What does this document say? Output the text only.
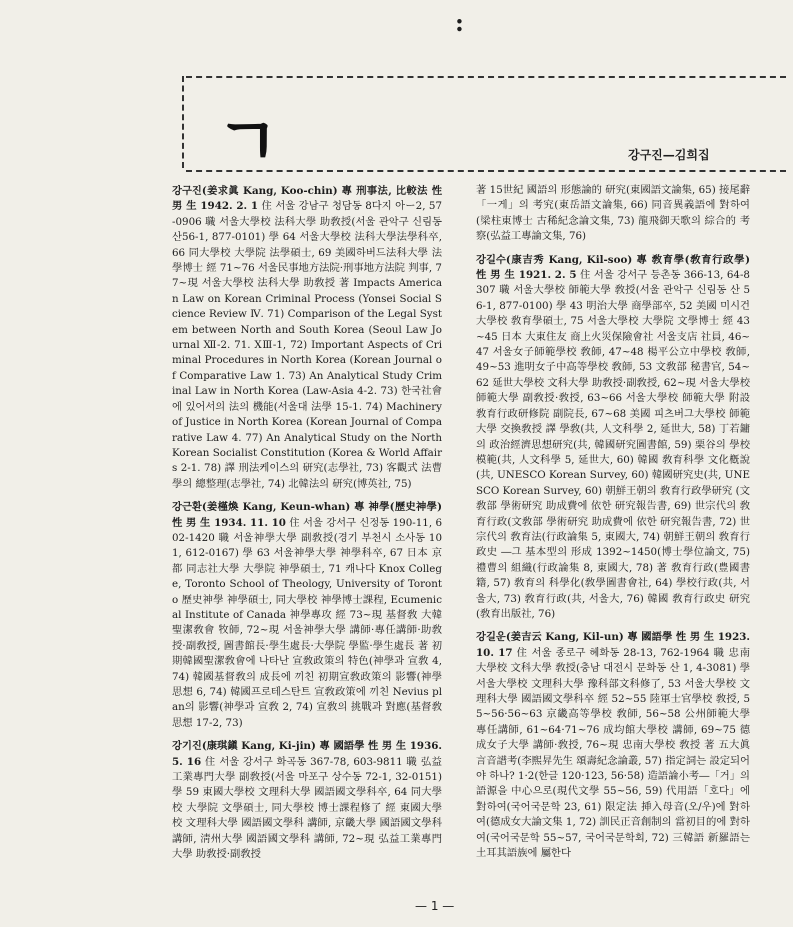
:
ㄱ	강구진—김희집
강구진(姜求眞 Kang, Koo-chin) 專 刑事法, 比較法 性 男 生 1942. 2. 1 住 서울 강남구 청담동 8다지 아ー2, 57-0906 職 서울大學校 法科大學 助敎授(서울 관악구 신림동 산56-1, 877-0101) 學 64 서울大學校 法科大學法學科卒, 66 同大學校 大學院 法學碩士, 69 美國하버드法科大學 法學博士 經 71~76 서울民事地方法院·刑事地方法院 判事, 77~現 서울大學校 法科大學 助敎授 著 Impacts American Law on Korean Criminal Process (Yonsei Social Science Review Ⅳ. 71) Comparison of the Legal System between North and South Korea (Seoul Law Journal Ⅻ-2. 71. ⅩⅢ-1, 72) Important Aspects of Criminal Procedures in North Korea (Korean Journal of Comparative Law 1. 73) An Analytical Study Criminal Law in North Korea (Law-Asia 4-2. 73) 한국社會에 있어서의 法의 機能(서울대 法學 15-1. 74) Machinery of Justice in North Korea (Korean Journal of Comparative Law 4. 77) An Analytical Study on the North Korean Socialist Constitution (Korea & World Affairs 2-1. 78) 譯 刑法케이스의 研究(志學社, 73) 客觀式 法曹學의 總整理(志學社, 74) 北韓法의 研究(博英社, 75)
강근환(姜槿煥 Kang, Keun-whan) 專 神學(歷史神學) 性 男 生 1934. 11. 10 住 서울 강서구 신정동 190-11, 602-1420 職 서울神學大學 副敎授(경기 부천시 소사동 101, 612-0167) 學 63 서울神學大學 神學科卒, 67 日本 京都 同志社大學 大學院 神學碩士, 71 캐나다 Knox College, Toronto School of Theology, University of Toronto 歷史神學 神學碩士, 同大學校 神學博士課程, Ecumenical Institute of Canada 神學專攻 經 73~現 基督敎 大韓聖潔敎會 牧師, 72~現 서울神學大學 講師·專任講師·助敎授·副敎授, 圖書館長·學生處長·大學院 學監·學生處長 著 初期韓國聖潔敎會에 나타난 宣敎政策의 特色(神學과 宣敎 4, 74) 韓國基督敎의 成長에 끼친 初期宣敎政策의 影響(神學思想 6, 74) 韓國프로테스탄트 宣敎政策에 끼친 Nevius plan의 影響(神學과 宣敎 2, 74) 宣敎의 挑戰과 對應(基督敎思想 17-2, 73)
강기진(康琪鎭 Kang, Ki-jin) 專 國語學 性 男 生 1936. 5. 16 住 서울 강서구 화곡동 367-78, 603-9811 職 弘益工業專門大學 副敎授(서울 마포구 상수동 72-1, 32-0151) 學 59 東國大學校 文理科大學 國語國文學科卒, 64 同大學校 大學院 文學碩士, 同大學校 博士課程修了 經 東國大學校 文理科大學 國語國文學科 講師, 京畿大學 國語國文學科 講師, 淸州大學 國語國文學科 講師, 72~現 弘益工業專門大學 助敎授·副敎授
著 15世紀 國語의 形態論的 研究(東國語文論集, 65) 接尾辭 「一게」의 考究(東岳語文論集, 66) 同音異義語에 對하여(梁柱東博士 古稀紀念論文集, 73) 龍飛御天歌의 綜合的 考察(弘益工專論文集, 76)
강길수(康吉秀 Kang, Kil-soo) 專 敎育學(敎育行政學) 性 男 生 1921. 2. 5 住 서울 강서구 등촌동 366-13, 64-8307 職 서울大學校 師範大學 敎授(서울 관악구 신림동 산 56-1, 877-0100) 學 43 明治大學 商學部卒, 52 美國 미시건大學校 敎育學碩士, 75 서울大學校 大學院 文學博士 經 43~45 日本 大東住友 商上火災保險會社 서울支店 社員, 46~47 서울女子師範學校 敎師, 47~48 楊平公立中學校 敎師, 49~53 進明女子中高等學校 敎師, 53 文敎部 秘書官, 54~62 延世大學校 文科大學 助敎授·副敎授, 62~現 서울大學校 師範大學 副敎授·敎授, 63~66 서울大學校 師範大學 附設 敎育行政研修院 副院長, 67~68 美國 피츠버그大學校 師範大學 交換敎授 譯 學敎(共, 人文科學 2, 延世大, 58) 丁若鏞의 政治經濟思想研究(共, 韓國研究圖書館, 59) 栗谷의 學校模範(共, 人文科學 5, 延世大, 60) 韓國 敎育科學 文化槪說(共, UNESCO Korean Survey, 60) 韓國研究史(共, UNESCO Korean Survey, 60) 朝鮮王朝의 敎育行政學研究 (文敎部 學術研究 助成費에 依한 研究報告書, 69) 世宗代의 敎育行政(文敎部 學術研究 助成費에 依한 研究報告書, 72) 世宗代의 敎育法(行政論集 5, 東國大, 74) 朝鮮王朝의 敎育行政史 ―그 基本型의 形成 1392~1450(博士學位論文, 75) 禮曹의 組織(行政論集 8, 東國大, 78) 著 敎育行政(豊國書籍, 57) 敎育의 科學化(敎學圖書會社, 64) 學校行政(共, 서울大, 73) 敎育行政(共, 서울大, 76) 韓國 敎育行政史 研究(敎育出版社, 76)
강길운(姜吉云 Kang, Kil-un) 專 國語學 性 男 生 1923. 10. 17 住 서울 종로구 혜화동 28-13, 762-1964 職 忠南大學校 文科大學 敎授(충남 대전시 문화동 산 1, 4-3081) 學 서울大學校 文理科大學 豫科部文科修了, 53 서울大學校 文理科大學 國語國文學科卒 經 52~55 陸軍士官學校 敎授, 55~56·56~63 京畿高等學校 敎師, 56~58 公州師範大學 專任講師, 61~64·71~76 成均館大學校 講師, 69~75 德成女子大學 講師·敎授, 76~現 忠南大學校 敎授 著 五大眞言音譜考(李熙昇先生 頌壽紀念論叢, 57) 指定詞는 設定되어야 하나? 1·2(한글 120·123, 56·58) 造語論小考―「거」의 語源을 中心으로(現代文學 55~56, 59) 代用語「호다」에 對하여(국어국문학 23, 61) 限定法 挿入母音(오/우)에 對하여(德成女大論文集 1, 72) 訓民正音創制의 當初目的에 對하여(국어국문학 55~57, 국어국문학회, 72) 三韓語 新羅語는 土耳其語族에 屬한다
— 1 —
